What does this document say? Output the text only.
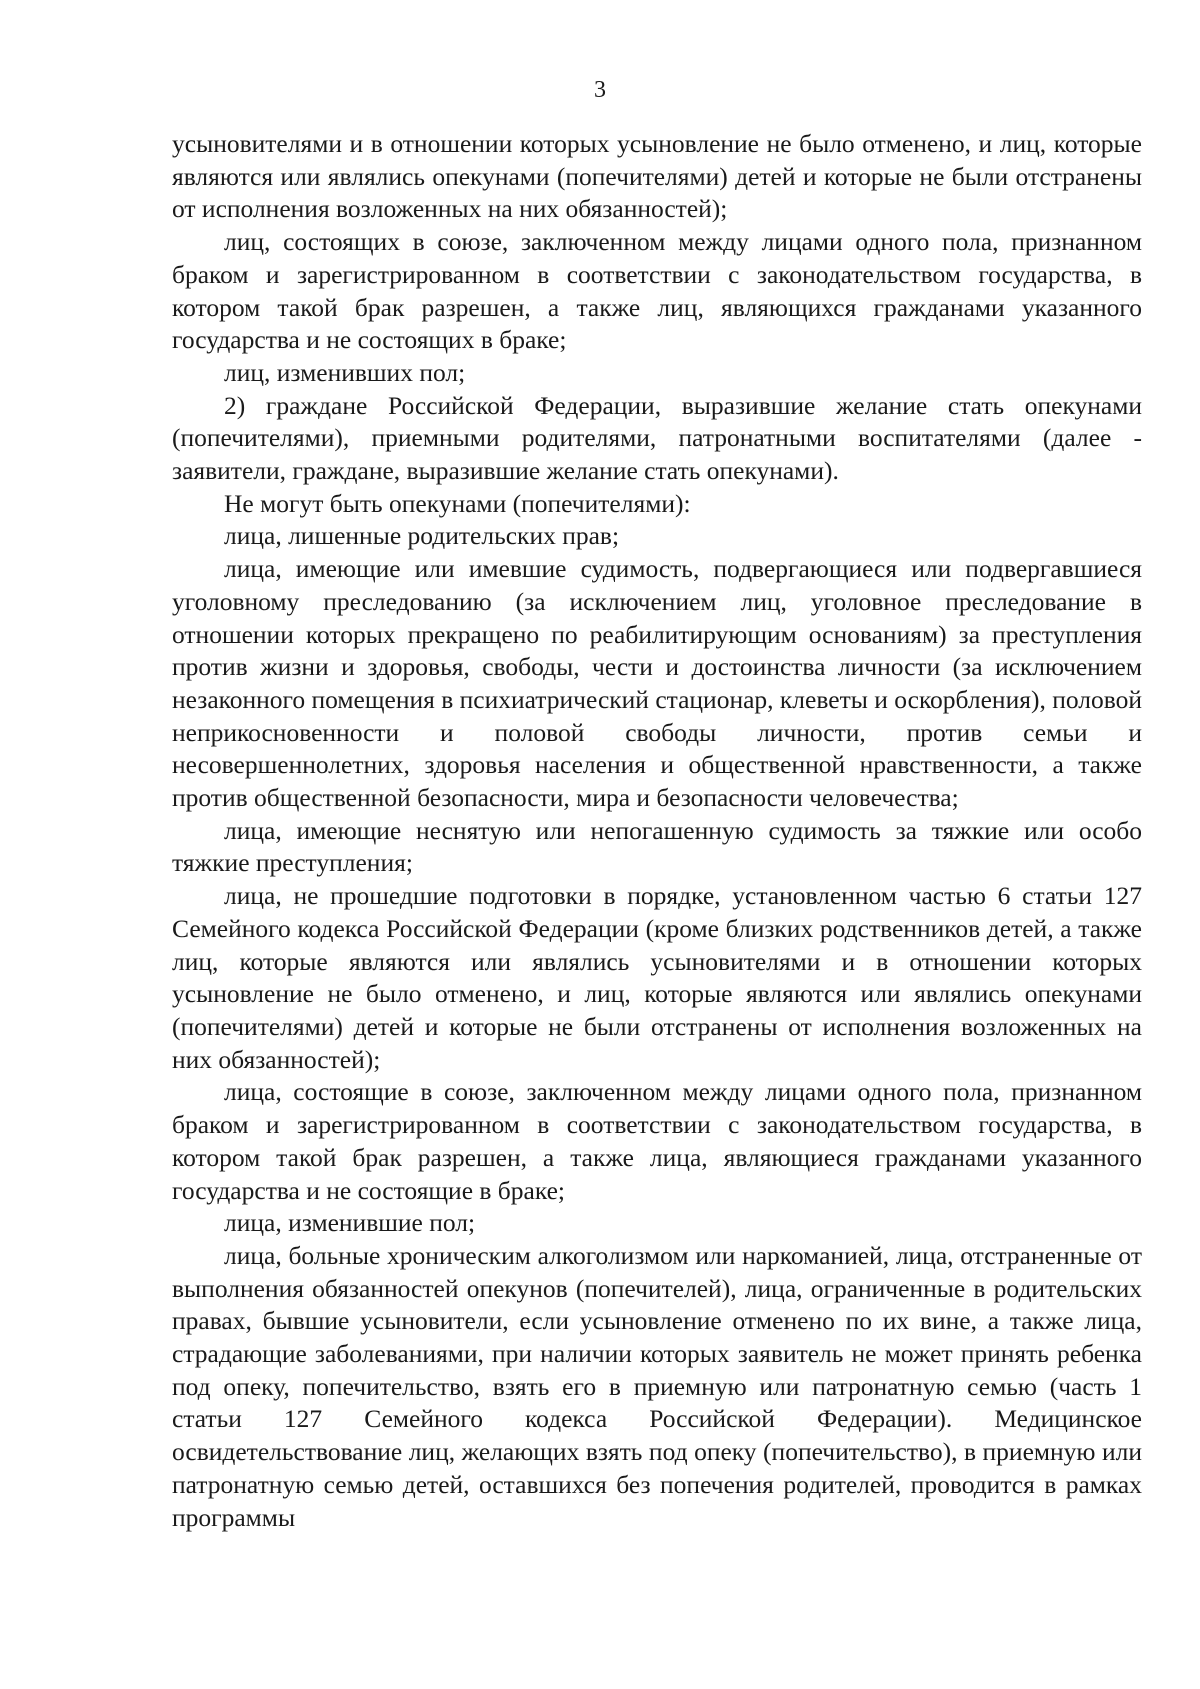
3

усыновителями и в отношении которых усыновление не было отменено, и лиц, которые являются или являлись опекунами (попечителями) детей и которые не были отстранены от исполнения возложенных на них обязанностей);

лиц, состоящих в союзе, заключенном между лицами одного пола, признанном браком и зарегистрированном в соответствии с законодательством государства, в котором такой брак разрешен, а также лиц, являющихся гражданами указанного государства и не состоящих в браке;

лиц, изменивших пол;

2) граждане Российской Федерации, выразившие желание стать опекунами (попечителями), приемными родителями, патронатными воспитателями (далее - заявители, граждане, выразившие желание стать опекунами).

Не могут быть опекунами (попечителями):

лица, лишенные родительских прав;

лица, имеющие или имевшие судимость, подвергающиеся или подвергавшиеся уголовному преследованию (за исключением лиц, уголовное преследование в отношении которых прекращено по реабилитирующим основаниям) за преступления против жизни и здоровья, свободы, чести и достоинства личности (за исключением незаконного помещения в психиатрический стационар, клеветы и оскорбления), половой неприкосновенности и половой свободы личности, против семьи и несовершеннолетних, здоровья населения и общественной нравственности, а также против общественной безопасности, мира и безопасности человечества;

лица, имеющие неснятую или непогашенную судимость за тяжкие или особо тяжкие преступления;

лица, не прошедшие подготовки в порядке, установленном частью 6 статьи 127 Семейного кодекса Российской Федерации (кроме близких родственников детей, а также лиц, которые являются или являлись усыновителями и в отношении которых усыновление не было отменено, и лиц, которые являются или являлись опекунами (попечителями) детей и которые не были отстранены от исполнения возложенных на них обязанностей);

лица, состоящие в союзе, заключенном между лицами одного пола, признанном браком и зарегистрированном в соответствии с законодательством государства, в котором такой брак разрешен, а также лица, являющиеся гражданами указанного государства и не состоящие в браке;

лица, изменившие пол;

лица, больные хроническим алкоголизмом или наркоманией, лица, отстраненные от выполнения обязанностей опекунов (попечителей), лица, ограниченные в родительских правах, бывшие усыновители, если усыновление отменено по их вине, а также лица, страдающие заболеваниями, при наличии которых заявитель не может принять ребенка под опеку, попечительство, взять его в приемную или патронатную семью (часть 1 статьи 127 Семейного кодекса Российской Федерации). Медицинское освидетельствование лиц, желающих взять под опеку (попечительство), в приемную или патронатную семью детей, оставшихся без попечения родителей, проводится в рамках программы
